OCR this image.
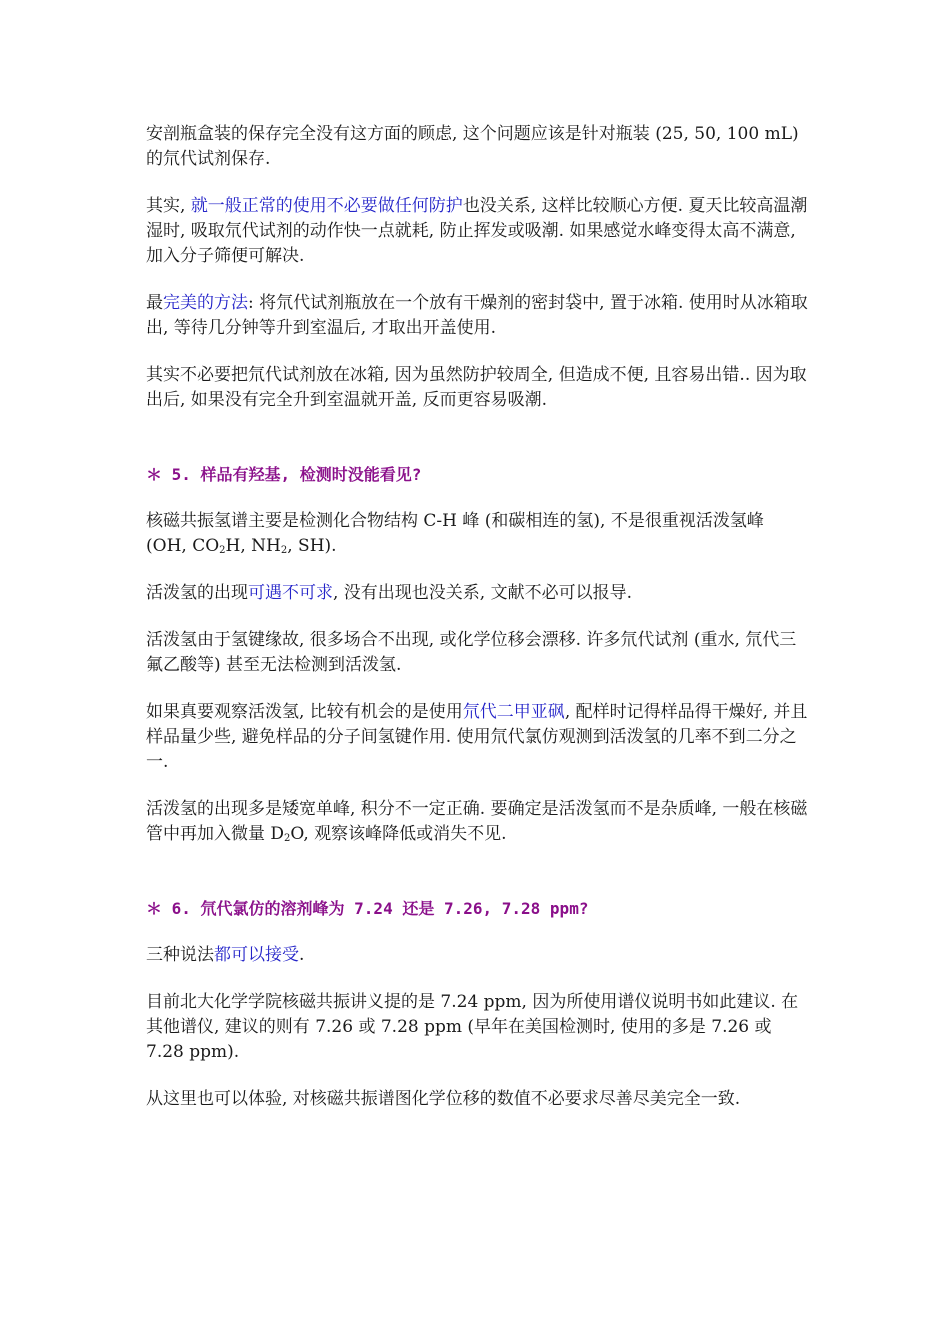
安剖瓶盒装的保存完全没有这方面的顾虑, 这个问题应该是针对瓶装 (25, 50, 100 mL) 的氘代试剂保存.

其实, 就一般正常的使用不必要做任何防护也没关系, 这样比较顺心方便. 夏天比较高温潮湿时, 吸取氘代试剂的动作快一点就耗, 防止挥发或吸潮. 如果感觉水峰变得太高不满意, 加入分子筛便可解决.

最完美的方法: 将氘代试剂瓶放在一个放有干燥剂的密封袋中, 置于冰箱. 使用时从冰箱取出, 等待几分钟等升到室温后, 才取出开盖使用.

其实不必要把氘代试剂放在冰箱, 因为虽然防护较周全, 但造成不便, 且容易出错.. 因为取出后, 如果没有完全升到室温就开盖, 反而更容易吸潮.

＊ 5. 样品有羟基, 检测时没能看见?

核磁共振氢谱主要是检测化合物结构 C-H 峰 (和碳相连的氢), 不是很重视活泼氢峰 (OH, $CO_2H$, $NH_2$, SH).

活泼氢的出现可遇不可求, 没有出现也没关系, 文献不必可以报导.

活泼氢由于氢键缘故, 很多场合不出现, 或化学位移会漂移. 许多氘代试剂 (重水, 氘代三氟乙酸等) 甚至无法检测到活泼氢.

如果真要观察活泼氢, 比较有机会的是使用氘代二甲亚砜, 配样时记得样品得干燥好, 并且样品量少些, 避免样品的分子间氢键作用. 使用氘代氯仿观测到活泼氢的几率不到二分之一.

活泼氢的出现多是矮宽单峰, 积分不一定正确. 要确定是活泼氢而不是杂质峰, 一般在核磁管中再加入微量 $D_2O$, 观察该峰降低或消失不见.

＊ 6. 氘代氯仿的溶剂峰为 7.24 还是 7.26, 7.28 ppm?

三种说法都可以接受.

目前北大化学学院核磁共振讲义提的是 7.24 ppm, 因为所使用谱仪说明书如此建议. 在其他谱仪, 建议的则有 7.26 或 7.28 ppm (早年在美国检测时, 使用的多是 7.26 或 7.28 ppm).

从这里也可以体验, 对核磁共振谱图化学位移的数值不必要求尽善尽美完全一致.
